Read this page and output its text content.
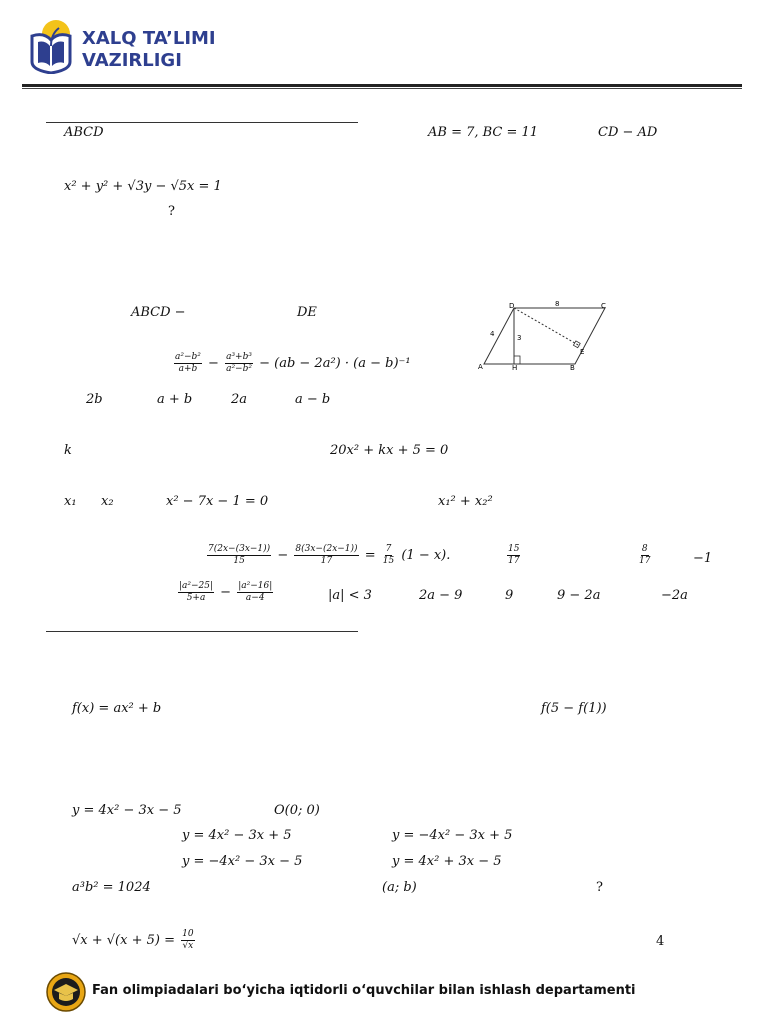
XALQ TA’LIMI
VAZIRLIGI
ABCD	AB = 7, BC = 11	CD − AD
x² + y² + √3y − √5x = 1
?
ABCD −	DE	D	C
A	H	B
E
8
4	3
$\frac{\text{a²−b²}}{a+b} - \frac{\text{a³+b³}}{\text{a²−b²}} - (ab - 2a^2) \cdot (a - b)^{-1}$
2b	a + b	2a	a − b
k	20x² + kx + 5 = 0
x₁ x₂	x² − 7x − 1 = 0	x₁² + x₂²
$\frac{7(2x-(3x-1))}{15} - \frac{8(3x-(2x-1))}{17} = \frac{7}{15} (1 - x)$.	$\frac{15}{17}$	$\frac{8}{17}$	−1
$\frac{\text{|a²−25|}}{5+a} - \frac{\text{|a²−16|}}{a-4}$	|a| < 3	2a − 9	9	9 − 2a	−2a
f(x) = ax² + b	f(5 − f(1))
y = 4x² − 3x − 5	O(0; 0)
y = 4x² − 3x + 5	y = −4x² − 3x + 5
y = −4x² − 3x − 5	y = 4x² + 3x − 5
a³b² = 1024	(a; b)	?
$√x + √(x + 5) = \frac{10}{√x}$	4
Fan olimpiadalari bo‘yicha iqtidorli o‘quvchilar bilan ishlash departamenti
